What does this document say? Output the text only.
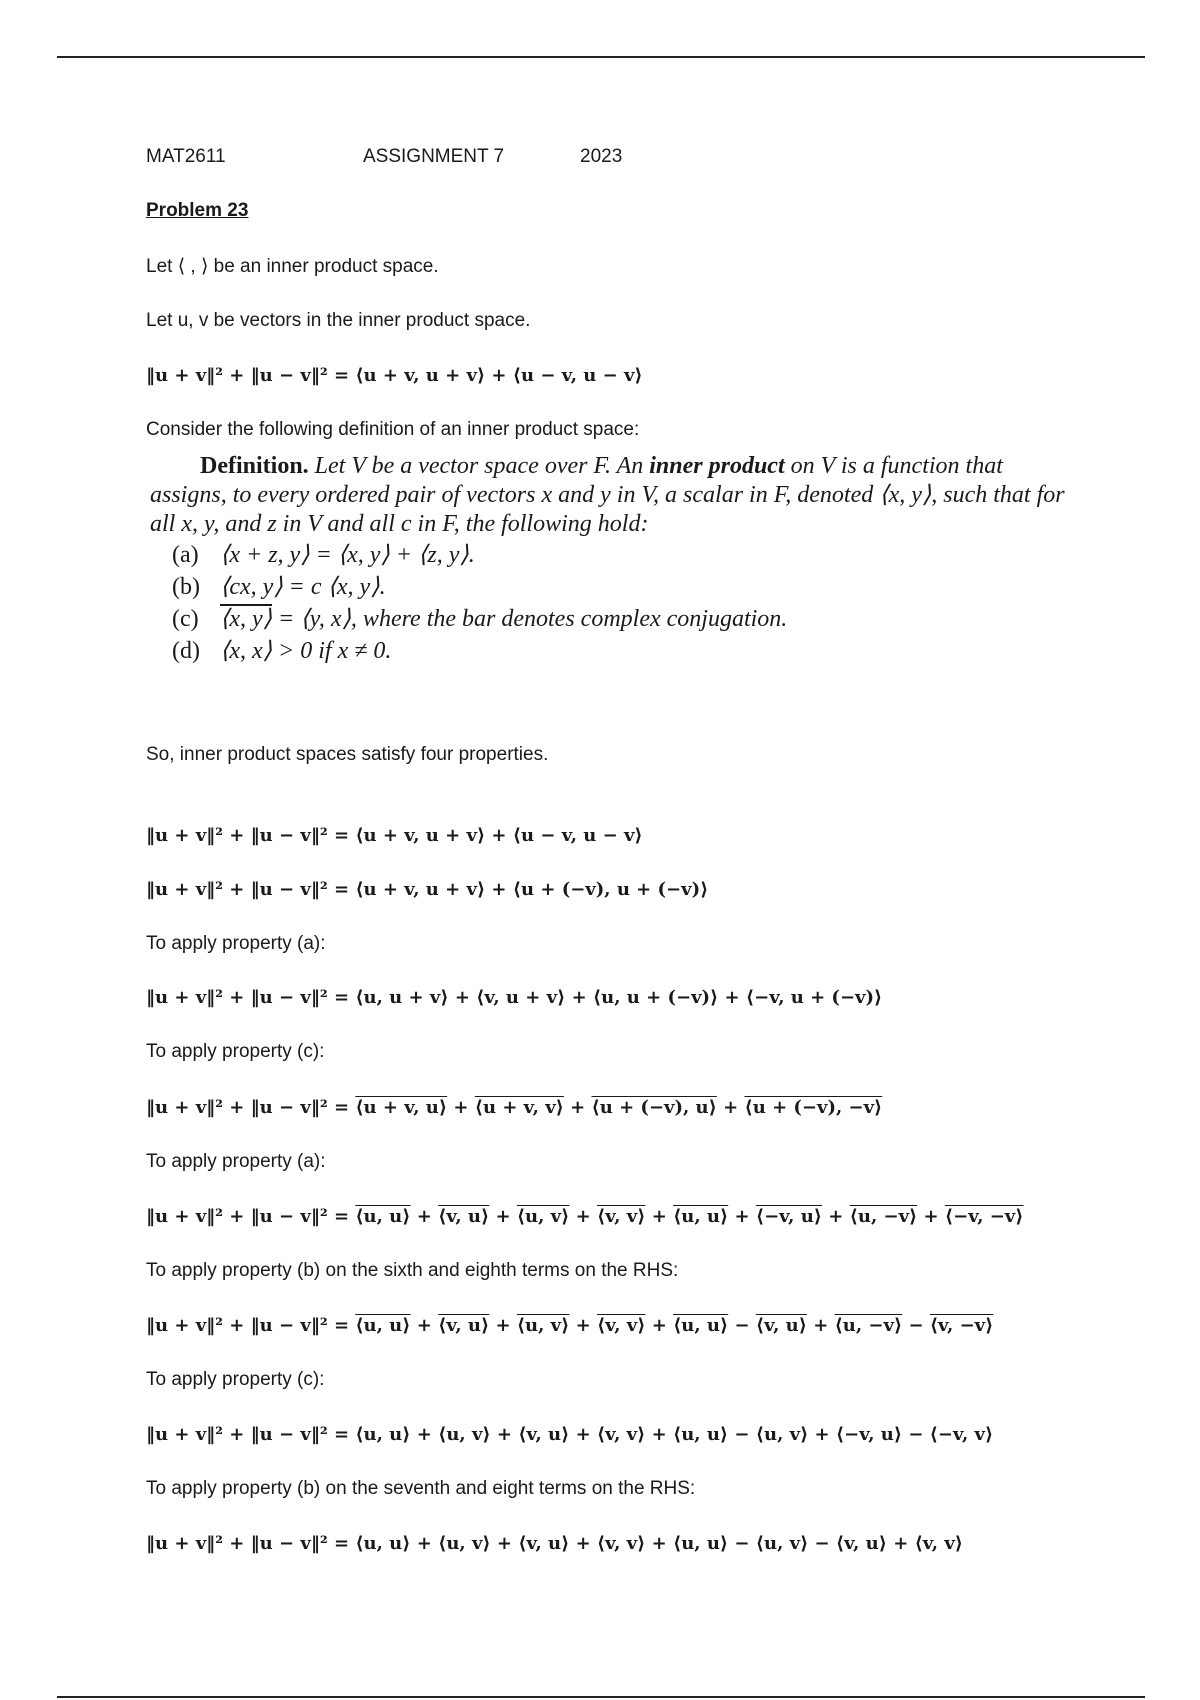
MAT2611	ASSIGNMENT 7	2023
Problem 23
Let ⟨ , ⟩ be an inner product space.
Let u, v be vectors in the inner product space.
‖u + v‖² + ‖u − v‖² = ⟨u + v, u + v⟩ + ⟨u − v, u − v⟩
Consider the following definition of an inner product space:
Definition. Let V be a vector space over F. An inner product on V is a function that assigns, to every ordered pair of vectors x and y in V, a scalar in F, denoted ⟨x, y⟩, such that for all x, y, and z in V and all c in F, the following hold:
(a) ⟨x + z, y⟩ = ⟨x, y⟩ + ⟨z, y⟩.
(b) ⟨cx, y⟩ = c ⟨x, y⟩.
(c) ⟨x, y⟩ = ⟨y, x⟩, where the bar denotes complex conjugation.
(d) ⟨x, x⟩ > 0 if x ≠ 0.
So, inner product spaces satisfy four properties.
‖u + v‖² + ‖u − v‖² = ⟨u + v, u + v⟩ + ⟨u − v, u − v⟩
‖u + v‖² + ‖u − v‖² = ⟨u + v, u + v⟩ + ⟨u + (−v), u + (−v)⟩
To apply property (a):
‖u + v‖² + ‖u − v‖² = ⟨u, u + v⟩ + ⟨v, u + v⟩ + ⟨u, u + (−v)⟩ + ⟨−v, u + (−v)⟩
To apply property (c):
‖u + v‖² + ‖u − v‖² = ⟨u + v, u⟩ + ⟨u + v, v⟩ + ⟨u + (−v), u⟩ + ⟨u + (−v), −v⟩
To apply property (a):
‖u + v‖² + ‖u − v‖² = ⟨u, u⟩ + ⟨v, u⟩ + ⟨u, v⟩ + ⟨v, v⟩ + ⟨u, u⟩ + ⟨−v, u⟩ + ⟨u, −v⟩ + ⟨−v, −v⟩
To apply property (b) on the sixth and eighth terms on the RHS:
‖u + v‖² + ‖u − v‖² = ⟨u, u⟩ + ⟨v, u⟩ + ⟨u, v⟩ + ⟨v, v⟩ + ⟨u, u⟩ − ⟨v, u⟩ + ⟨u, −v⟩ − ⟨v, −v⟩
To apply property (c):
‖u + v‖² + ‖u − v‖² = ⟨u, u⟩ + ⟨u, v⟩ + ⟨v, u⟩ + ⟨v, v⟩ + ⟨u, u⟩ − ⟨u, v⟩ + ⟨−v, u⟩ − ⟨−v, v⟩
To apply property (b) on the seventh and eight terms on the RHS:
‖u + v‖² + ‖u − v‖² = ⟨u, u⟩ + ⟨u, v⟩ + ⟨v, u⟩ + ⟨v, v⟩ + ⟨u, u⟩ − ⟨u, v⟩ − ⟨v, u⟩ + ⟨v, v⟩
